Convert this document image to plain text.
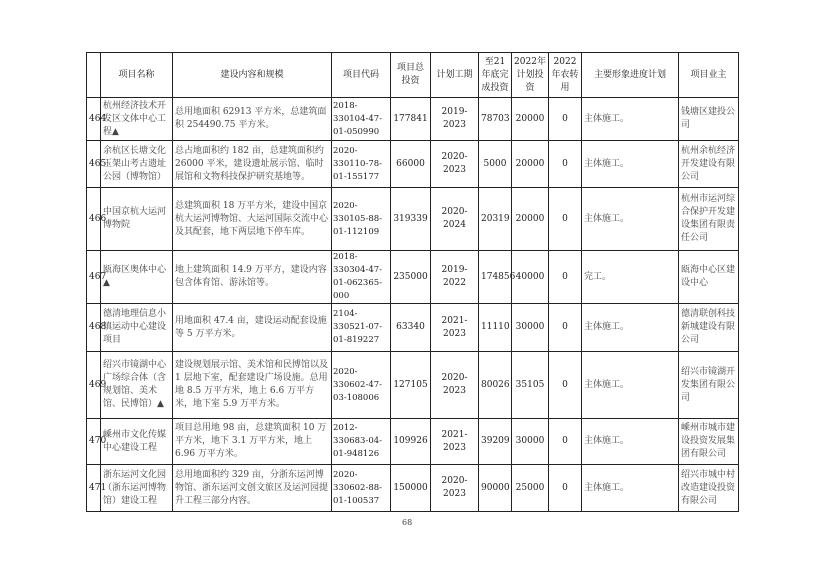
	项目名称	建设内容和规模	项目代码	项目总投资	计划工期	至21年底完成投资	2022年计划投资	2022年农转用	主要形象进度计划	项目业主
464	杭州经济技术开发区文体中心工程▲	总用地面积 62913 平方米，总建筑面积 254490.75 平方米。	2018-330104-47-01-050990	177841	2019-2023	78703	20000	0	主体施工。	钱塘区建投公司
465	余杭区长塘文化玉架山考古遗址公园（博物馆）	总占地面积约 182 亩，总建筑面积约 26000 平米，建设遗址展示馆、临时展馆和文物科技保护研究基地等。	2020-330110-78-01-155177	66000	2020-2023	5000	20000	0	主体施工。	杭州余杭经济开发建设有限公司
466	中国京杭大运河博物院	总建筑面积 18 万平方米，建设中国京杭大运河博物馆、大运河国际交流中心及其配套，地下两层地下停车库。	2020-330105-88-01-112109	319339	2020-2024	20319	20000	0	主体施工。	杭州市运河综合保护开发建设集团有限责任公司
467	瓯海区奥体中心▲	地上建筑面积 14.9 万平方，建设内容包含体育馆、游泳馆等。	2018-330304-47-01-062365-000	235000	2019-2022	174856	40000	0	完工。	瓯海中心区建设中心
468	德清地理信息小镇运动中心建设项目	用地面积 47.4 亩，建设运动配套设施等 5 万平方米。	2104-330521-07-01-819227	63340	2021-2023	11110	30000	0	主体施工。	德清联创科技新城建设有限公司
469	绍兴市镜湖中心广场综合体（含规划馆、美术馆、民博馆）▲	建设规划展示馆、美术馆和民博馆以及 1 层地下室，配套建设广场设施。总用地 8.5 万平方米，地上 6.6 万平方米，地下室 5.9 万平方米。	2020-330602-47-03-108006	127105	2020-2023	80026	35105	0	主体施工。	绍兴市镜湖开发集团有限公司
470	嵊州市文化传媒中心建设工程	项目总用地 98 亩，总建筑面积 10 万平方米，地下 3.1 万平方米，地上 6.96 万平方米。	2012-330683-04-01-948126	109926	2021-2023	39209	30000	0	主体施工。	嵊州市城市建设投资发展集团有限公司
471	浙东运河文化园（浙东运河博物馆）建设工程	总用地面积约 329 亩，分浙东运河博物馆、浙东运河文创文旅区及运河园提升工程三部分内容。	2020-330602-88-01-100537	150000	2020-2023	90000	25000	0	主体施工。	绍兴市城中村改造建设投资有限公司
68
